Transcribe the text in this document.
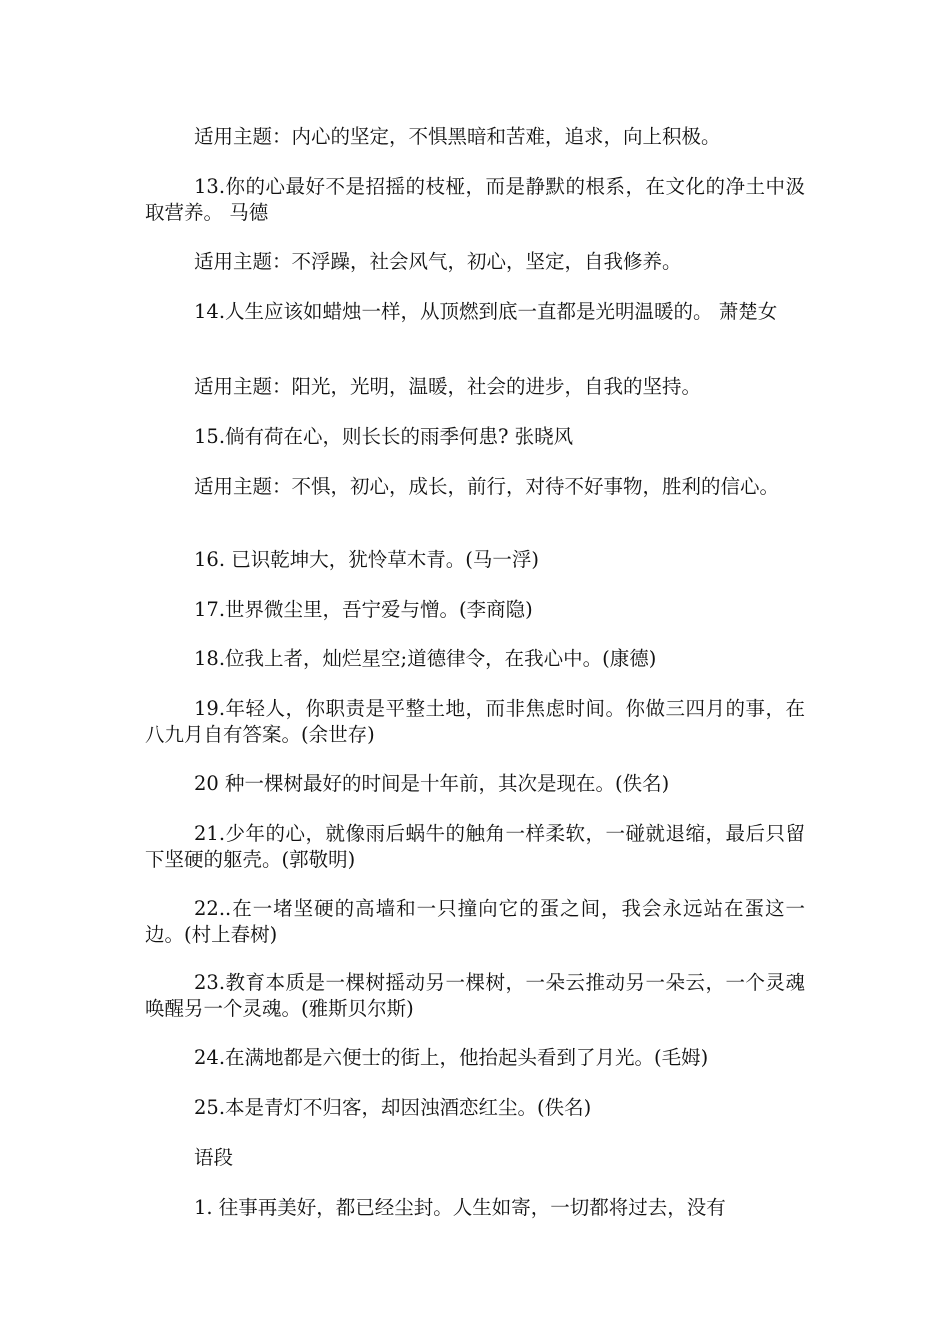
适用主题：内心的坚定，不惧黑暗和苦难，追求，向上积极。

13.你的心最好不是招摇的枝桠，而是静默的根系，在文化的净土中汲取营养。 马德

适用主题：不浮躁，社会风气，初心，坚定，自我修养。

14.人生应该如蜡烛一样，从顶燃到底一直都是光明温暖的。 萧楚女

适用主题：阳光，光明，温暖，社会的进步，自我的坚持。

15.倘有荷在心，则长长的雨季何患? 张晓风

适用主题：不惧，初心，成长，前行，对待不好事物，胜利的信心。

16. 已识乾坤大，犹怜草木青。(马一浮)

17.世界微尘里，吾宁爱与憎。(李商隐)

18.位我上者，灿烂星空;道德律令，在我心中。(康德)

19.年轻人，你职责是平整土地，而非焦虑时间。你做三四月的事，在八九月自有答案。(余世存)

20 种一棵树最好的时间是十年前，其次是现在。(佚名)

21.少年的心，就像雨后蜗牛的触角一样柔软，一碰就退缩，最后只留下坚硬的躯壳。(郭敬明)

22..在一堵坚硬的高墙和一只撞向它的蛋之间，我会永远站在蛋这一边。(村上春树)

23.教育本质是一棵树摇动另一棵树，一朵云推动另一朵云，一个灵魂唤醒另一个灵魂。(雅斯贝尔斯)

24.在满地都是六便士的街上，他抬起头看到了月光。(毛姆)

25.本是青灯不归客，却因浊酒恋红尘。(佚名)

语段

1. 往事再美好，都已经尘封。人生如寄，一切都将过去，没有
